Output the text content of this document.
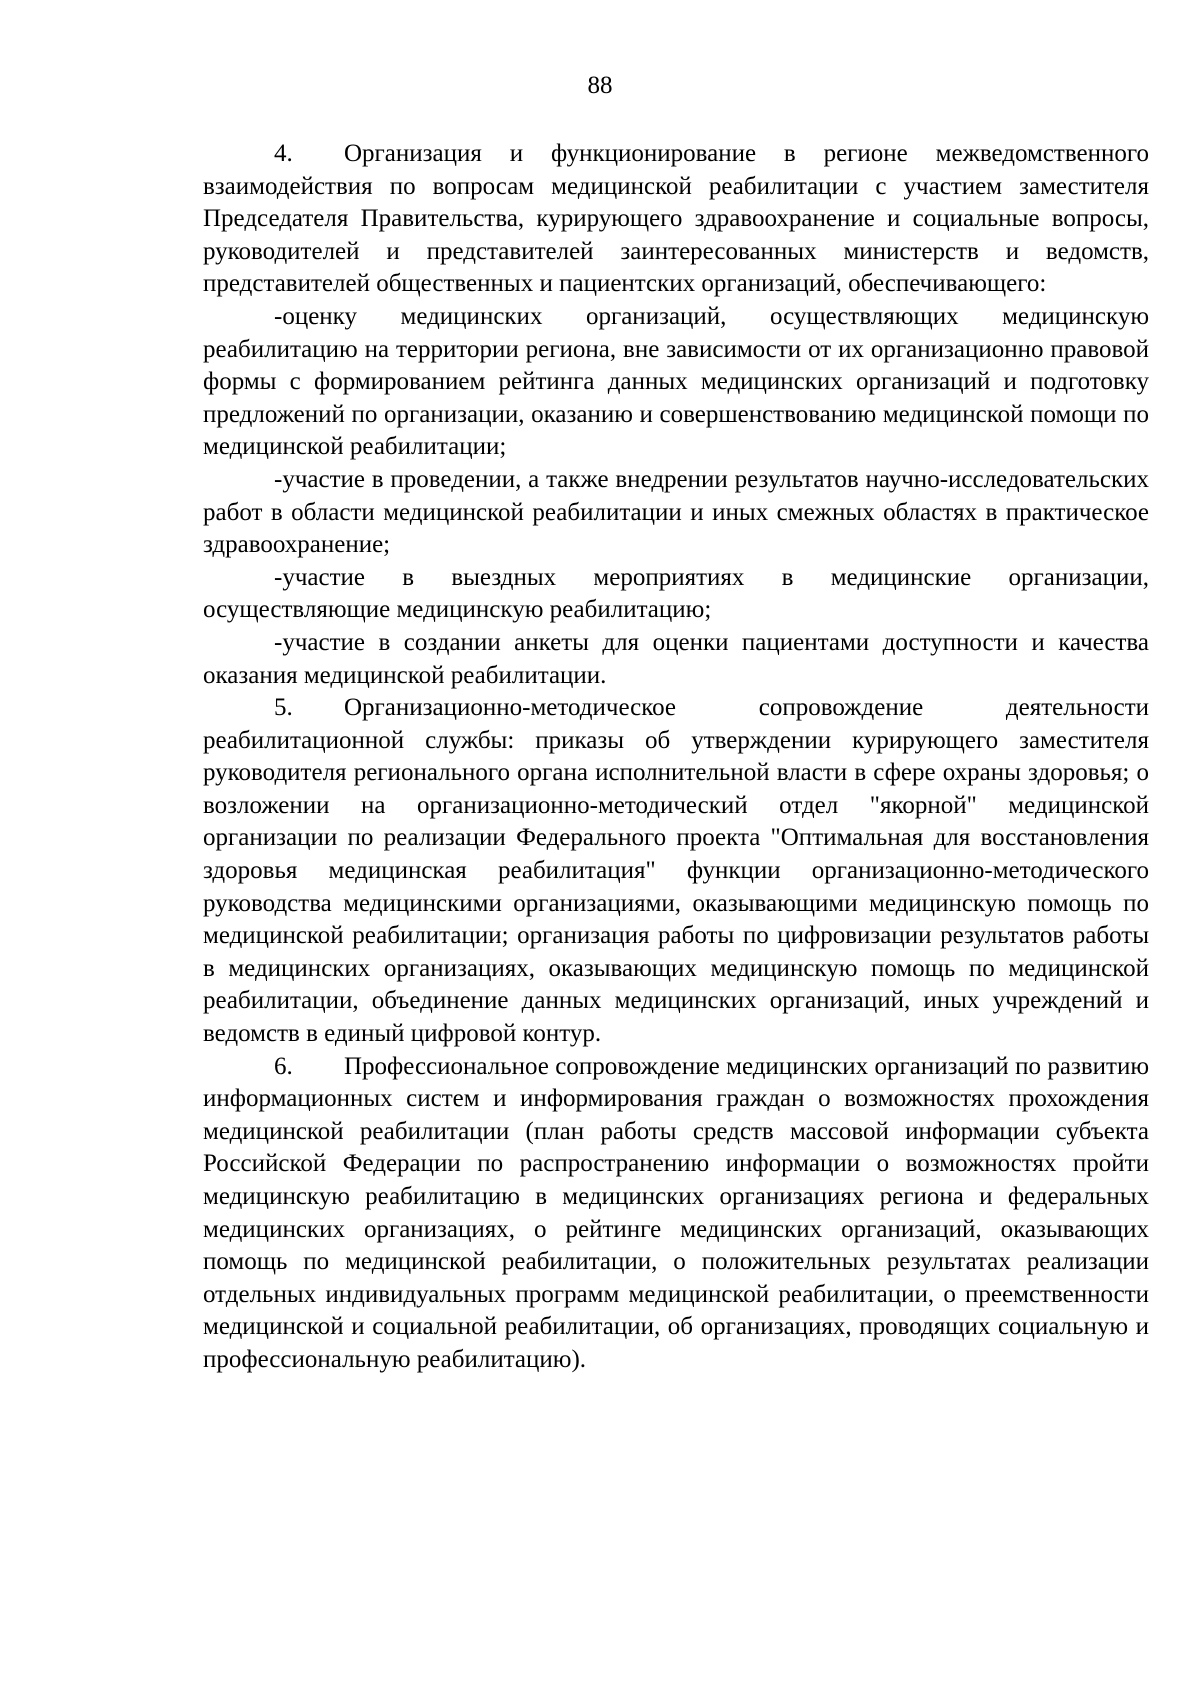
88

4. Организация и функционирование в регионе межведомственного взаимодействия по вопросам медицинской реабилитации с участием заместителя Председателя Правительства, курирующего здравоохранение и социальные вопросы, руководителей и представителей заинтересованных министерств и ведомств, представителей общественных и пациентских организаций, обеспечивающего:

-оценку медицинских организаций, осуществляющих медицинскую реабилитацию на территории региона, вне зависимости от их организационно правовой формы с формированием рейтинга данных медицинских организаций и подготовку предложений по организации, оказанию и совершенствованию медицинской помощи по медицинской реабилитации;

-участие в проведении, а также внедрении результатов научно-исследовательских работ в области медицинской реабилитации и иных смежных областях в практическое здравоохранение;

-участие в выездных мероприятиях в медицинские организации, осуществляющие медицинскую реабилитацию;

-участие в создании анкеты для оценки пациентами доступности и качества оказания медицинской реабилитации.

5. Организационно-методическое сопровождение деятельности реабилитационной службы: приказы об утверждении курирующего заместителя руководителя регионального органа исполнительной власти в сфере охраны здоровья; о возложении на организационно-методический отдел "якорной" медицинской организации по реализации Федерального проекта "Оптимальная для восстановления здоровья медицинская реабилитация" функции организационно-методического руководства медицинскими организациями, оказывающими медицинскую помощь по медицинской реабилитации; организация работы по цифровизации результатов работы в медицинских организациях, оказывающих медицинскую помощь по медицинской реабилитации, объединение данных медицинских организаций, иных учреждений и ведомств в единый цифровой контур.

6. Профессиональное сопровождение медицинских организаций по развитию информационных систем и информирования граждан о возможностях прохождения медицинской реабилитации (план работы средств массовой информации субъекта Российской Федерации по распространению информации о возможностях пройти медицинскую реабилитацию в медицинских организациях региона и федеральных медицинских организациях, о рейтинге медицинских организаций, оказывающих помощь по медицинской реабилитации, о положительных результатах реализации отдельных индивидуальных программ медицинской реабилитации, о преемственности медицинской и социальной реабилитации, об организациях, проводящих социальную и профессиональную реабилитацию).
